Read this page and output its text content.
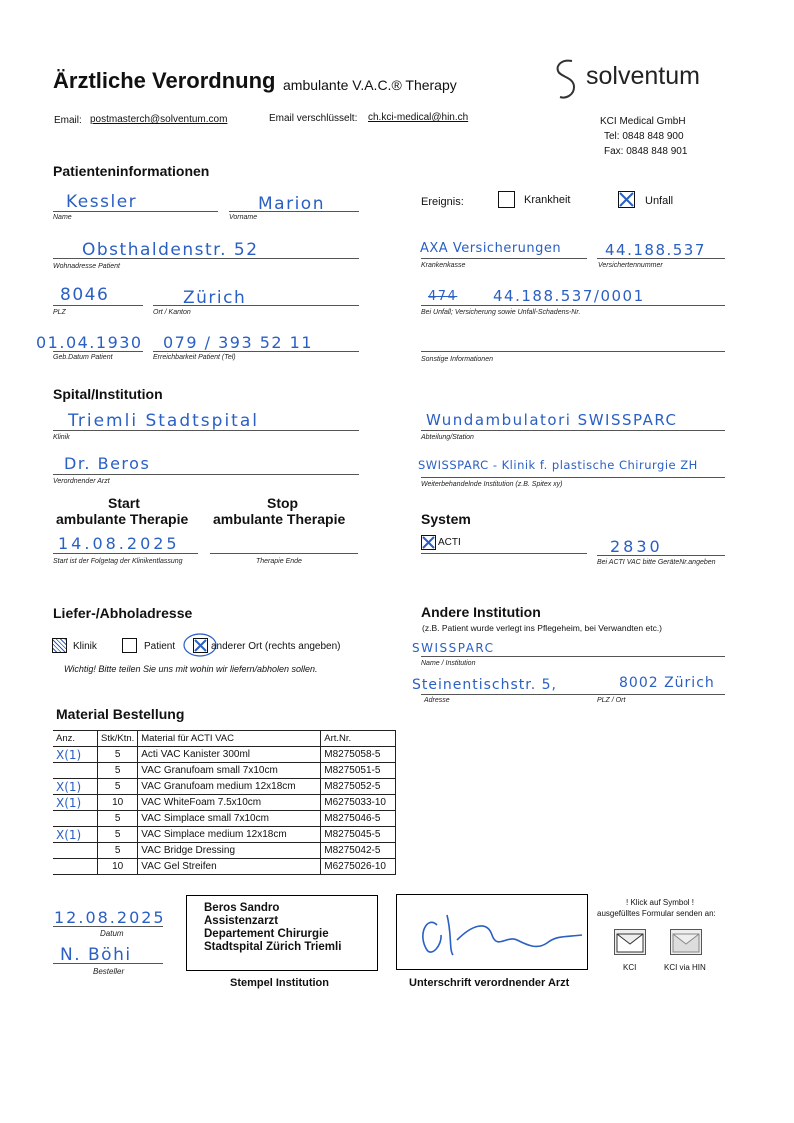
Ärztliche Verordnung ambulante V.A.C.® Therapy	solventum
Email: postmasterch@solventum.com	Email verschlüsselt: ch.kci-medical@hin.ch	KCI Medical GmbH
Tel: 0848 848 900
Fax: 0848 848 901
Patienteninformationen
Kessler
Name
Marion
Vorname
Obsthaldenstr. 52
Wohnadresse Patient
8046
PLZ
Zürich
Ort / Kanton
01.04.1930
Geb.Datum Patient
079 / 393 52 11
Erreichbarkeit Patient (Tel)
Ereignis:	Krankheit	Unfall
AXA Versicherungen
Krankenkasse
44.188.537
Versichertennummer
474 44.188.537/0001
Bei Unfall; Versicherung sowie Unfall-Schadens-Nr.
Sonstige Informationen
Spital/Institution
Triemli Stadtspital
Klinik
Wundambulatori SWISSPARC
Abteilung/Station
Dr. Beros
Verordnender Arzt
SWISSPARC - Klinik f. plastische Chirurgie ZH
Weiterbehandelnde Institution (z.B. Spitex xy)
Start
ambulante Therapie
Stop
ambulante Therapie
14.08.2025
Start ist der Folgetag der Klinikentlassung	Therapie Ende
System
ACTI	2830
Bei ACTI VAC bitte GeräteNr.angeben
Liefer-/Abholadresse
Klinik	Patient	anderer Ort (rechts angeben)
Wichtig! Bitte teilen Sie uns mit wohin wir liefern/abholen sollen.
Andere Institution
(z.B. Patient wurde verlegt ins Pflegeheim, bei Verwandten etc.)
SWISSPARC
Name / Institution
Steinentischstr. 5,	8002 Zürich
Adresse	PLZ / Ort
Material Bestellung
Anz.	Stk/Ktn.	Material für ACTI VAC	Art.Nr.
X(1)	5	Acti VAC Kanister 300ml	M8275058-5
	5	VAC Granufoam small 7x10cm	M8275051-5
X(1)	5	VAC Granufoam medium 12x18cm	M8275052-5
X(1)	10	VAC WhiteFoam 7.5x10cm	M6275033-10
	5	VAC Simplace small 7x10cm	M8275046-5
X(1)	5	VAC Simplace medium 12x18cm	M8275045-5
	5	VAC Bridge Dressing	M8275042-5
	10	VAC Gel Streifen	M6275026-10
12.08.2025
Datum
N. Böhi
Besteller
Beros Sandro
Assistenzarzt
Departement Chirurgie
Stadtspital Zürich Triemli
Stempel Institution	Unterschrift verordnender Arzt
! Klick auf Symbol !
ausgefülltes Formular senden an:
KCI	KCI via HIN
